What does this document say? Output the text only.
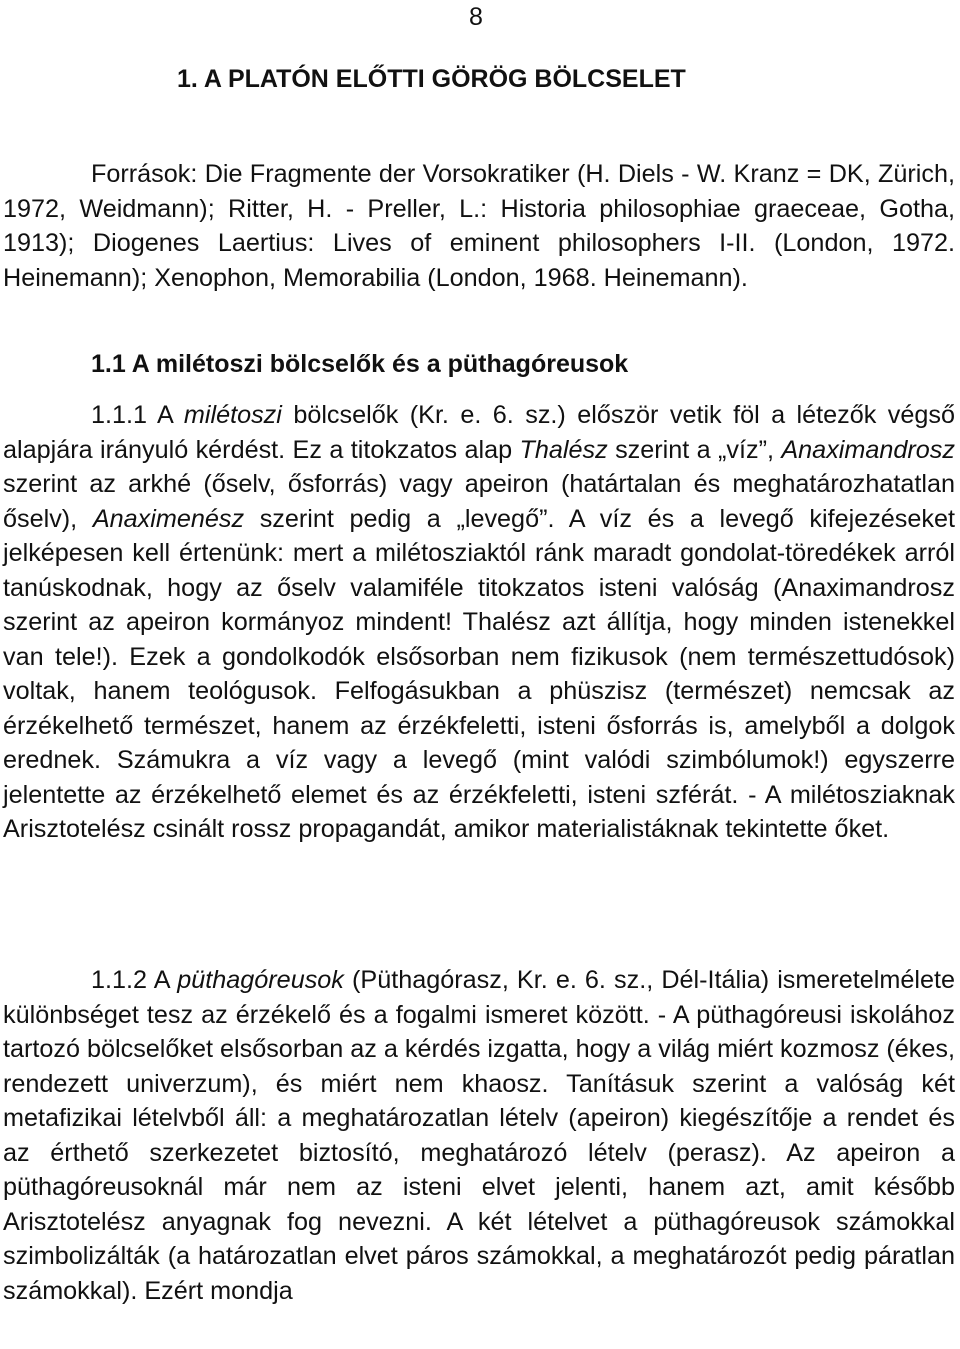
8
1. A PLATÓN ELŐTTI GÖRÖG BÖLCSELET

Források: Die Fragmente der Vorsokratiker (H. Diels - W. Kranz = DK, Zürich, 1972, Weidmann); Ritter, H. - Preller, L.: Historia philosophiae graeceae, Gotha, 1913); Diogenes Laertius: Lives of eminent philosophers I-II. (London, 1972. Heinemann); Xenophon, Memorabilia (London, 1968. Heinemann).

1.1 A milétoszi bölcselők és a püthagóreusok

1.1.1 A milétoszi bölcselők (Kr. e. 6. sz.) először vetik föl a létezők végső alapjára irányuló kérdést. Ez a titokzatos alap Thalész szerint a „víz”, Anaximandrosz szerint az arkhé (őselv, ősforrás) vagy apeiron (határtalan és meghatározhatatlan őselv), Anaximenész szerint pedig a „levegő”. A víz és a levegő kifejezéseket jelképesen kell értenünk: mert a milétosziaktól ránk maradt gondolat-töredékek arról tanúskodnak, hogy az őselv valamiféle titokzatos isteni valóság (Anaximandrosz szerint az apeiron kormányoz mindent! Thalész azt állítja, hogy minden istenekkel van tele!). Ezek a gondolkodók elsősorban nem fizikusok (nem természettudósok) voltak, hanem teológusok. Felfogásukban a phüszisz (természet) nemcsak az érzékelhető természet, hanem az érzékfeletti, isteni ősforrás is, amelyből a dolgok erednek. Számukra a víz vagy a levegő (mint valódi szimbólumok!) egyszerre jelentette az érzékelhető elemet és az érzékfeletti, isteni szférát. - A milétosziaknak Arisztotelész csinált rossz propagandát, amikor materialistáknak tekintette őket.

1.1.2 A püthagóreusok (Püthagórasz, Kr. e. 6. sz., Dél-Itália) ismeretelmélete különbséget tesz az érzékelő és a fogalmi ismeret között. - A püthagóreusi iskolához tartozó bölcselőket elsősorban az a kérdés izgatta, hogy a világ miért kozmosz (ékes, rendezett univerzum), és miért nem khaosz. Tanításuk szerint a valóság két metafizikai lételvből áll: a meghatározatlan lételv (apeiron) kiegészítője a rendet és az érthető szerkezetet biztosító, meghatározó lételv (perasz). Az apeiron a püthagóreusoknál már nem az isteni elvet jelenti, hanem azt, amit később Arisztotelész anyagnak fog nevezni. A két lételvet a püthagóreusok számokkal szimbolizálták (a határozatlan elvet páros számokkal, a meghatározót pedig páratlan számokkal). Ezért mondja
